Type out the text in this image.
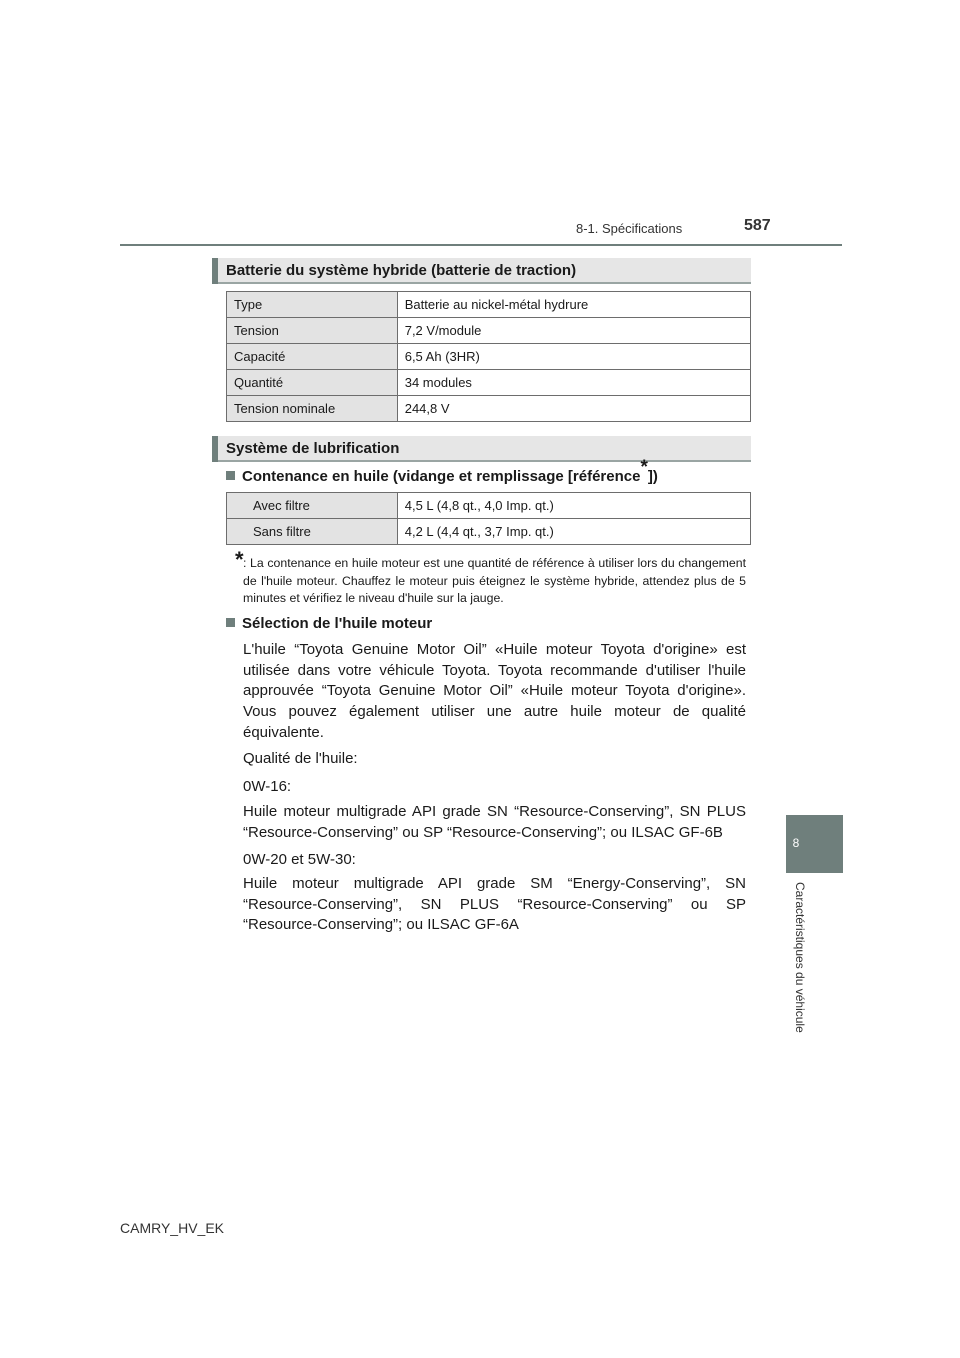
8-1. Spécifications	587
8
Caractéristiques du véhicule
Batterie du système hybride (batterie de traction)
Type	Batterie au nickel-métal hydrure
Tension	7,2 V/module
Capacité	6,5 Ah (3HR)
Quantité	34 modules
Tension nominale	244,8 V
Système de lubrification
Contenance en huile (vidange et remplissage [référence*])
Avec filtre	4,5 L (4,8 qt., 4,0 Imp. qt.)
Sans filtre	4,2 L (4,4 qt., 3,7 Imp. qt.)
* : La contenance en huile moteur est une quantité de référence à utiliser lors du changement de l'huile moteur. Chauffez le moteur puis éteignez le système hybride, attendez plus de 5 minutes et vérifiez le niveau d'huile sur la jauge.
Sélection de l'huile moteur

L'huile “Toyota Genuine Motor Oil” «Huile moteur Toyota d'origine» est utilisée dans votre véhicule Toyota. Toyota recommande d'utiliser l'huile approuvée “Toyota Genuine Motor Oil” «Huile moteur Toyota d'origine». Vous pouvez également utiliser une autre huile moteur de qualité équivalente.

Qualité de l'huile:
0W-16:

Huile moteur multigrade API grade SN “Resource-Conserving”, SN PLUS “Resource-Conserving” ou SP “Resource-Conserving”; ou ILSAC GF-6B

0W-20 et 5W-30:

Huile moteur multigrade API grade SM “Energy-Conserving”, SN “Resource-Conserving”, SN PLUS “Resource-Conserving” ou SP “Resource-Conserving”; ou ILSAC GF-6A

CAMRY_HV_EK
